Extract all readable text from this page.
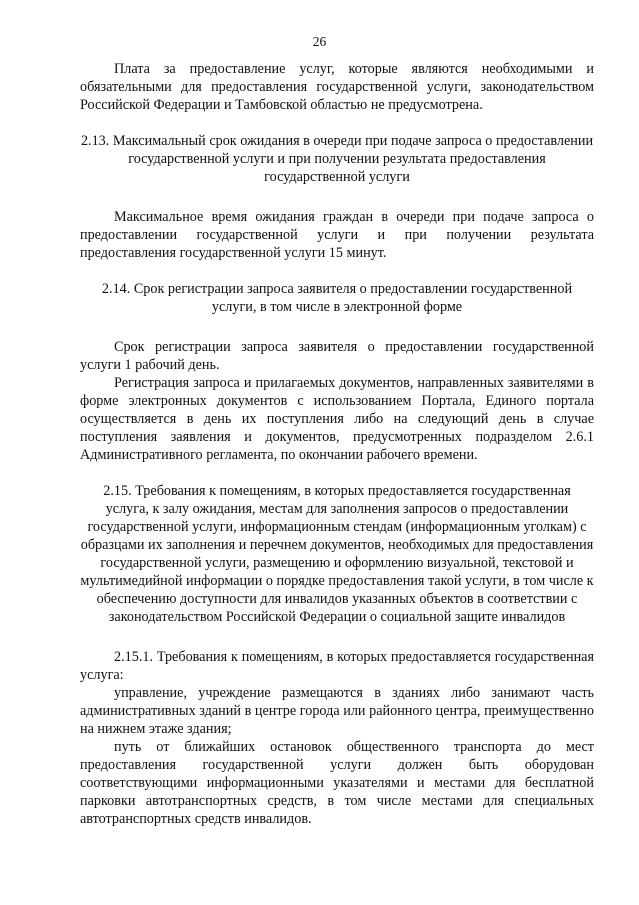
26

Плата за предоставление услуг, которые являются необходимыми и обязательными для предоставления государственной услуги, законодательством Российской Федерации и Тамбовской областью не предусмотрена.

2.13. Максимальный срок ожидания в очереди при подаче запроса о предоставлении государственной услуги и при получении результата предоставления государственной услуги

Максимальное время ожидания граждан в очереди при подаче запроса о предоставлении государственной услуги и при получении результата предоставления государственной услуги 15 минут.

2.14. Срок регистрации запроса заявителя о предоставлении государственной услуги, в том числе в электронной форме

Срок регистрации запроса заявителя о предоставлении государственной услуги 1 рабочий день.

Регистрация запроса и прилагаемых документов, направленных заявителями в форме электронных документов с использованием Портала, Единого портала осуществляется в день их поступления либо на следующий день в случае поступления заявления и документов, предусмотренных подразделом 2.6.1 Административного регламента, по окончании рабочего времени.

2.15. Требования к помещениям, в которых предоставляется государственная услуга, к залу ожидания, местам для заполнения запросов о предоставлении государственной услуги, информационным стендам (информационным уголкам) с образцами их заполнения и перечнем документов, необходимых для предоставления государственной услуги, размещению и оформлению визуальной, текстовой и мультимедийной информации о порядке предоставления такой услуги, в том числе к обеспечению доступности для инвалидов указанных объектов в соответствии с законодательством Российской Федерации о социальной защите инвалидов

2.15.1. Требования к помещениям, в которых предоставляется государственная услуга:

управление, учреждение размещаются в зданиях либо занимают часть административных зданий в центре города или районного центра, преимущественно на нижнем этаже здания;

путь от ближайших остановок общественного транспорта до мест предоставления государственной услуги должен быть оборудован соответствующими информационными указателями и местами для бесплатной парковки автотранспортных средств, в том числе местами для специальных автотранспортных средств инвалидов.
